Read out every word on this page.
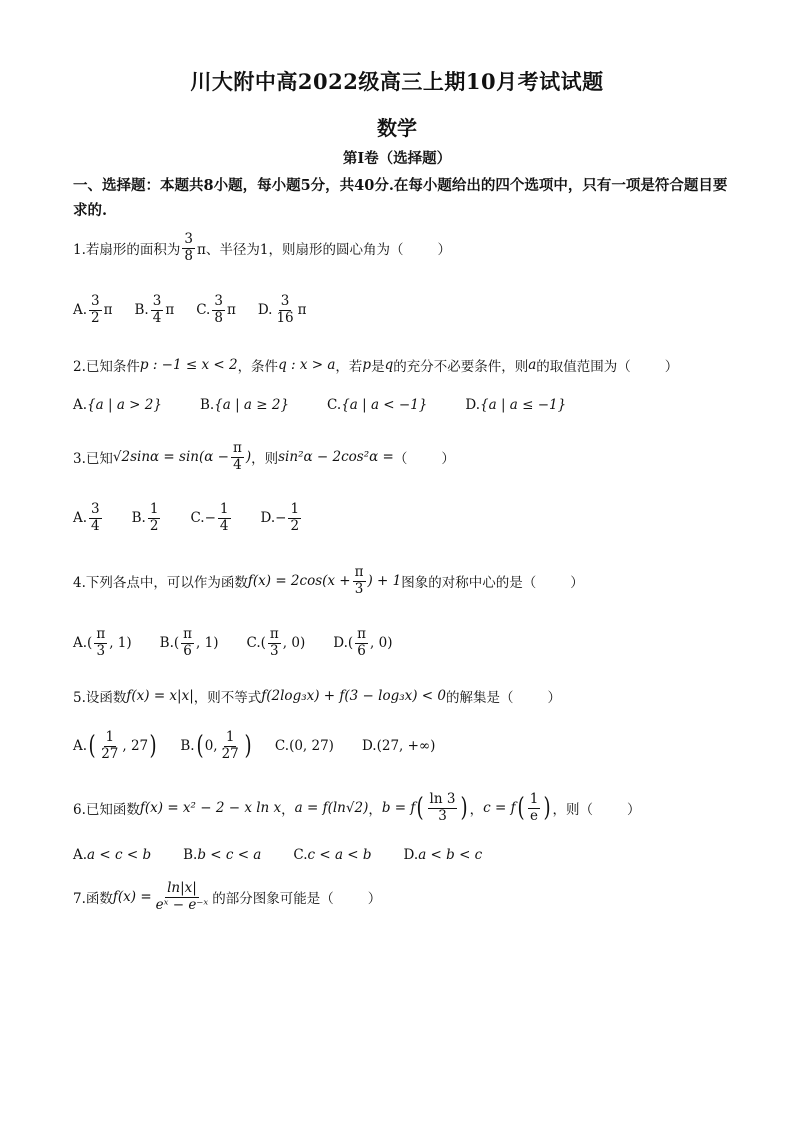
川大附中高2022级高三上期10月考试试题
数学
第Ⅰ卷（选择题）
一、选择题：本题共8小题，每小题5分，共40分.在每小题给出的四个选项中，只有一项是符合题目要求的.
1.若扇形的面积为 $\frac{3}{8}$ π、半径为1，则扇形的圆心角为（	）
A. $\frac{3}{2}$ π B. $\frac{3}{4}$ π C. $\frac{3}{8}$ π D. $\frac{3}{16}$ π
2.已知条件 p : −1 ≤ x < 2 ，条件 q : x > a ，若 p 是 q 的充分不必要条件，则 a 的取值范围为（	）
A. {a | a > 2}	B. {a | a ≥ 2}	C. {a | a < −1}	D. {a | a ≤ −1}
3.已知 $√2\sin\alpha = \sin(\alpha - \frac{\pi}{4}$ ) ，则 sin²α − 2cos²α = （	）
A. $\frac{3}{4} B$. $\frac{1}{2} C$. − $\frac{1}{4} D$. − $\frac{1}{2}$
4.下列各点中，可以作为函数 $f(x) = 2\cos(x + \frac{\pi}{3}$ ) + 1 图象的对称中心的是（	）
A. ( $\frac{\pi}{3}$ , 1) B. ( $\frac{\pi}{6}$ , 1) C. ( $\frac{\pi}{3}$ , 0) D. ( $\frac{\pi}{6}$ , 0)
5.设函数 f(x) = x|x| ，则不等式 f(2log₃x) + f(3 − log₃x) < 0 的解集是（	）
A. ( $\frac{1}{27}$ , 27 ) B. ( 0, $\frac{1}{27}$ ) C. (0, 27) D. (27, +∞)
6.已知函数 f(x) = x² − 2 − x ln x ， a = f(ln√2) ， b = f ( $\frac{\ln 3}{3}$ ) ， c = f ( $\frac{1}{e}$ ) ，则（	）
A. a < c < b B. b < c < a C. c < a < b D. a < b < c
7.函数 $f(x) = \frac{\ln|x|}{\text{eˣ − e⁻ˣ}}$ 的部分图象可能是（	）
